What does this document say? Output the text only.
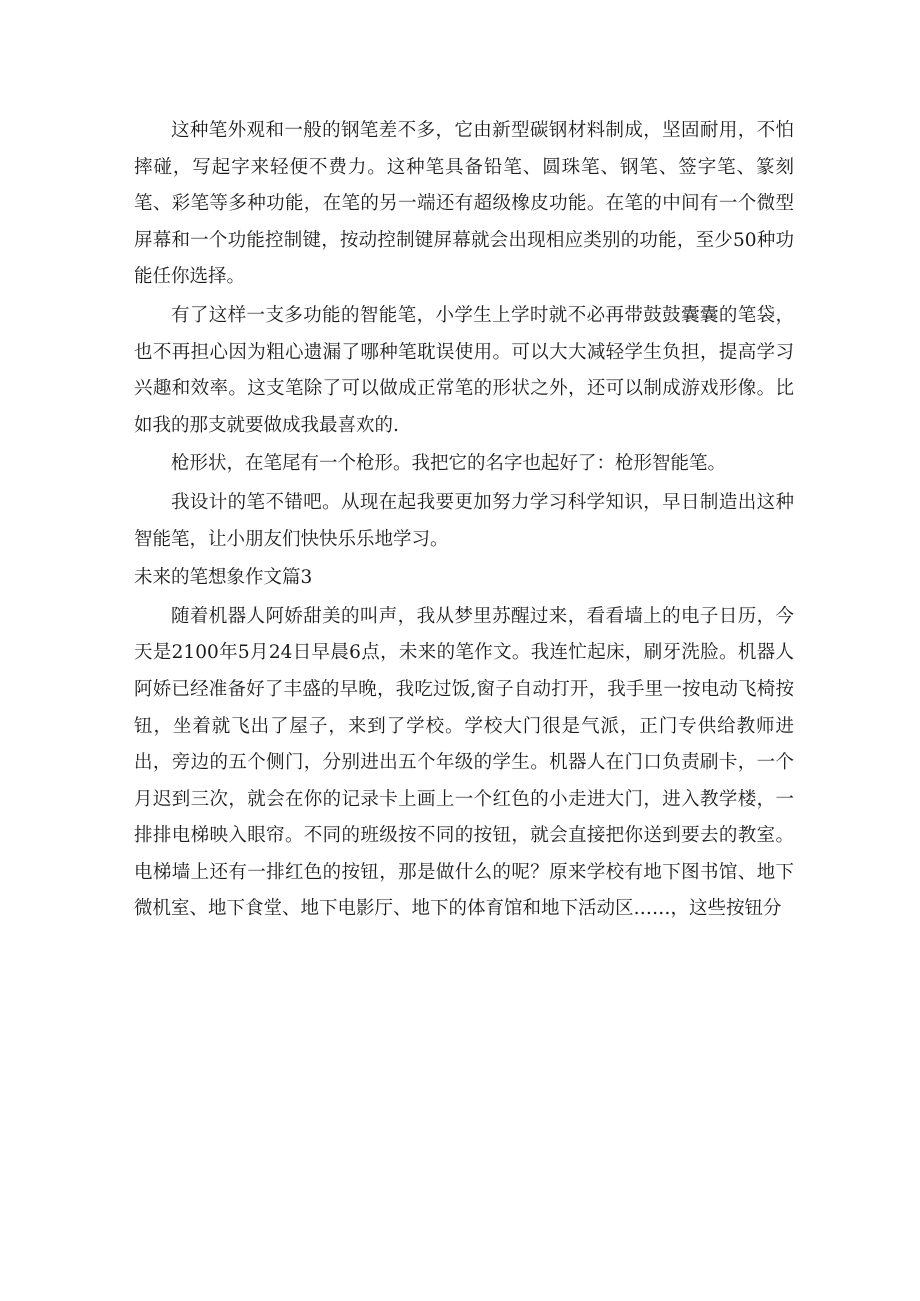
这种笔外观和一般的钢笔差不多，它由新型碳钢材料制成，坚固耐用，不怕摔碰，写起字来轻便不费力。这种笔具备铅笔、圆珠笔、钢笔、签字笔、篆刻笔、彩笔等多种功能，在笔的另一端还有超级橡皮功能。在笔的中间有一个微型屏幕和一个功能控制键，按动控制键屏幕就会出现相应类别的功能，至少50种功能任你选择。

有了这样一支多功能的智能笔，小学生上学时就不必再带鼓鼓囊囊的笔袋，也不再担心因为粗心遗漏了哪种笔耽误使用。可以大大减轻学生负担，提高学习兴趣和效率。这支笔除了可以做成正常笔的形状之外，还可以制成游戏形像。比如我的那支就要做成我最喜欢的.

枪形状，在笔尾有一个枪形。我把它的名字也起好了：枪形智能笔。

我设计的笔不错吧。从现在起我要更加努力学习科学知识，早日制造出这种智能笔，让小朋友们快快乐乐地学习。

未来的笔想象作文篇3

随着机器人阿娇甜美的叫声，我从梦里苏醒过来，看看墙上的电子日历，今天是2100年5月24日早晨6点，未来的笔作文。我连忙起床，刷牙洗脸。机器人阿娇已经准备好了丰盛的早晚，我吃过饭,窗子自动打开，我手里一按电动飞椅按钮，坐着就飞出了屋子，来到了学校。学校大门很是气派，正门专供给教师进出，旁边的五个侧门，分别进出五个年级的学生。机器人在门口负责刷卡，一个月迟到三次，就会在你的记录卡上画上一个红色的小走进大门，进入教学楼，一排排电梯映入眼帘。不同的班级按不同的按钮，就会直接把你送到要去的教室。电梯墙上还有一排红色的按钮，那是做什么的呢？原来学校有地下图书馆、地下微机室、地下食堂、地下电影厅、地下的体育馆和地下活动区……，这些按钮分
